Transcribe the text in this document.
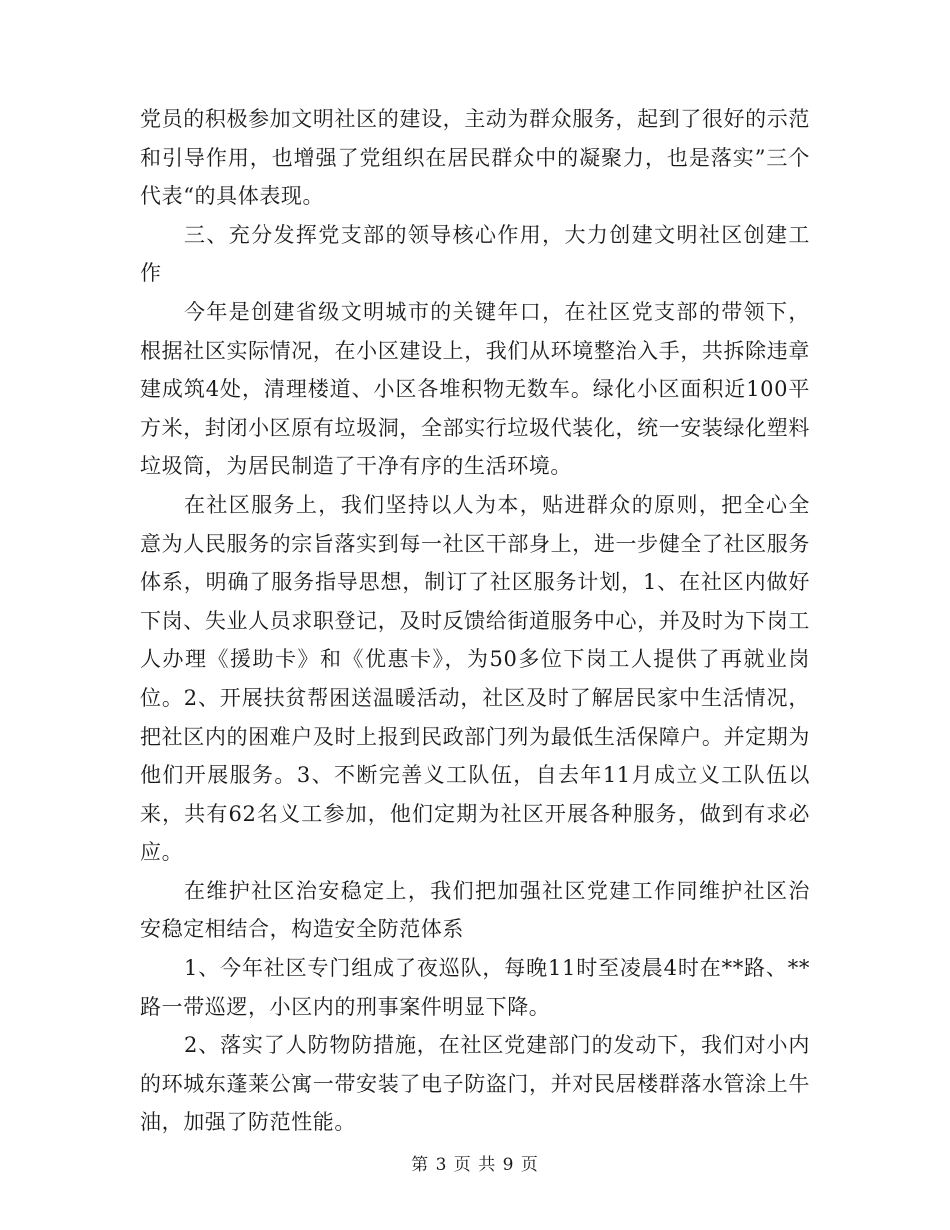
党员的积极参加文明社区的建设，主动为群众服务，起到了很好的示范和引导作用，也增强了党组织在居民群众中的凝聚力，也是落实”三个代表“的具体表现。

三、充分发挥党支部的领导核心作用，大力创建文明社区创建工作

今年是创建省级文明城市的关键年口，在社区党支部的带领下，根据社区实际情况，在小区建设上，我们从环境整治入手，共拆除违章建成筑4处，清理楼道、小区各堆积物无数车。绿化小区面积近100平方米，封闭小区原有垃圾洞，全部实行垃圾代装化，统一安装绿化塑料垃圾筒，为居民制造了干净有序的生活环境。

在社区服务上，我们坚持以人为本，贴进群众的原则，把全心全意为人民服务的宗旨落实到每一社区干部身上，进一步健全了社区服务体系，明确了服务指导思想，制订了社区服务计划，1、在社区内做好下岗、失业人员求职登记，及时反馈给街道服务中心，并及时为下岗工人办理《援助卡》和《优惠卡》，为50多位下岗工人提供了再就业岗位。2、开展扶贫帮困送温暖活动，社区及时了解居民家中生活情况，把社区内的困难户及时上报到民政部门列为最低生活保障户。并定期为他们开展服务。3、不断完善义工队伍，自去年11月成立义工队伍以来，共有62名义工参加，他们定期为社区开展各种服务，做到有求必应。

在维护社区治安稳定上，我们把加强社区党建工作同维护社区治安稳定相结合，构造安全防范体系

1、今年社区专门组成了夜巡队，每晚11时至凌晨4时在**路、**路一带巡逻，小区内的刑事案件明显下降。

2、落实了人防物防措施，在社区党建部门的发动下，我们对小内的环城东蓬莱公寓一带安装了电子防盗门，并对民居楼群落水管涂上牛油，加强了防范性能。

第 3 页 共 9 页
